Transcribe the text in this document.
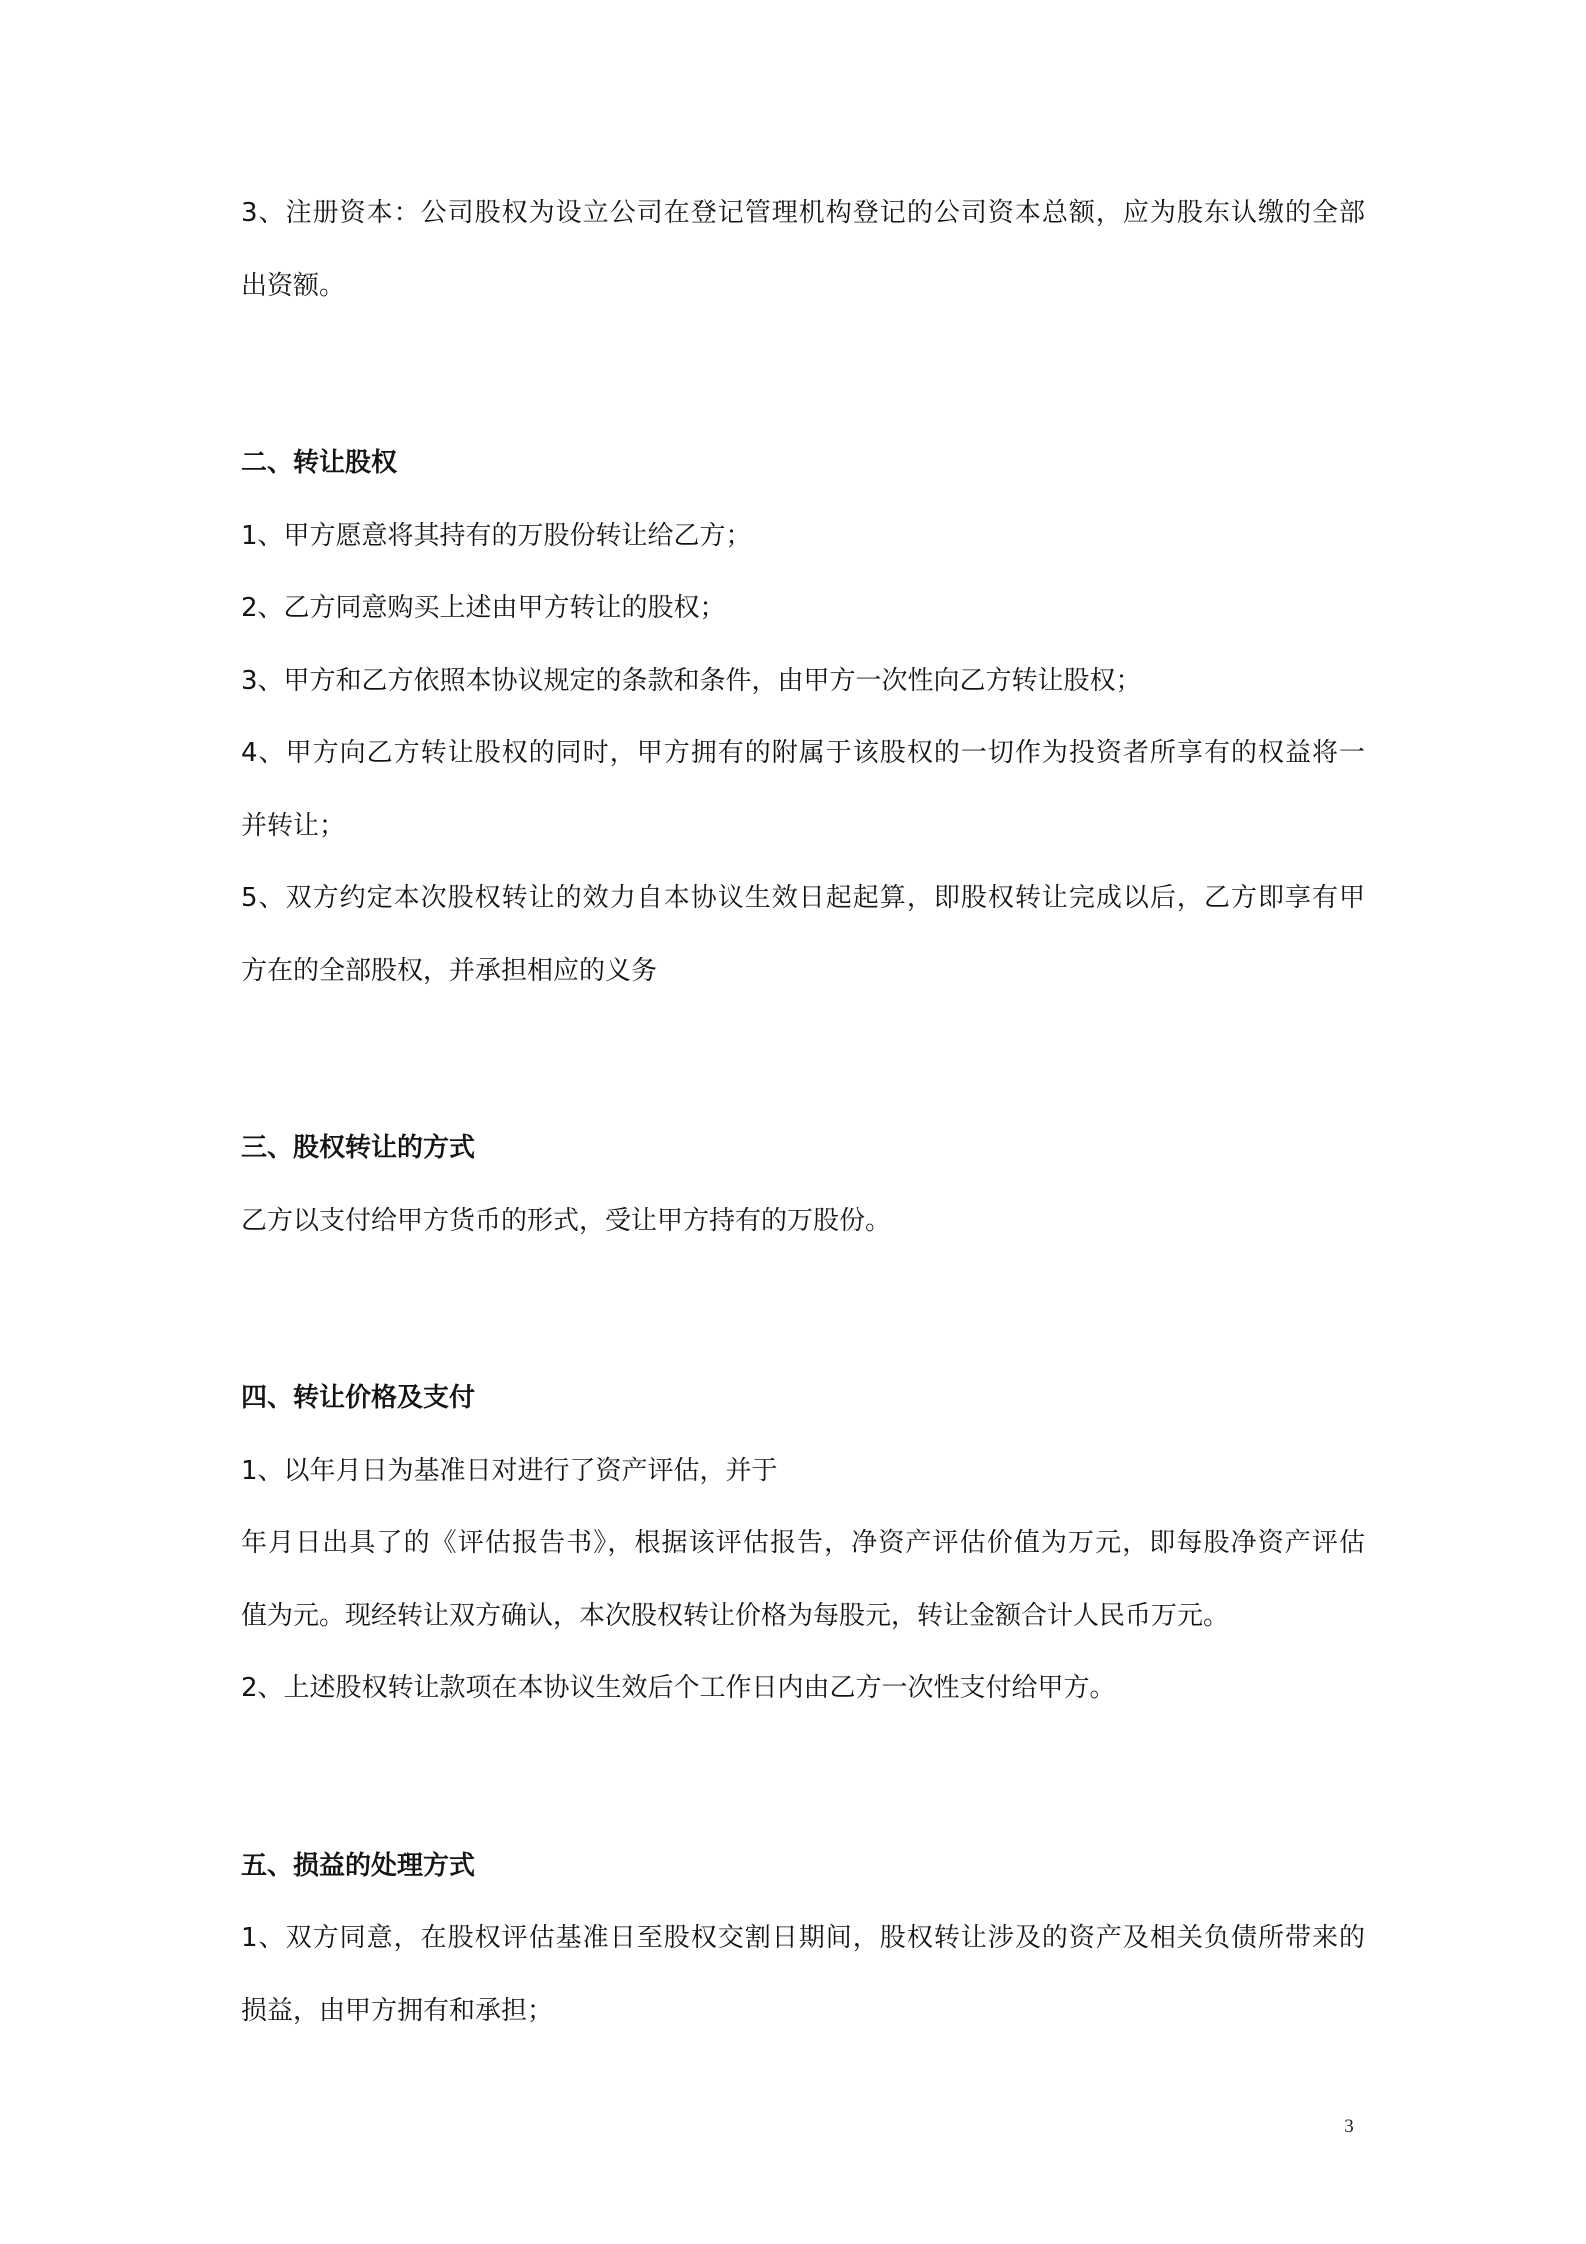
3、注册资本：公司股权为设立公司在登记管理机构登记的公司资本总额，应为股东认缴的全部
出资额。

二、转让股权

1、甲方愿意将其持有的万股份转让给乙方；

2、乙方同意购买上述由甲方转让的股权；

3、甲方和乙方依照本协议规定的条款和条件，由甲方一次性向乙方转让股权；

4、甲方向乙方转让股权的同时，甲方拥有的附属于该股权的一切作为投资者所享有的权益将一
并转让；

5、双方约定本次股权转让的效力自本协议生效日起起算，即股权转让完成以后，乙方即享有甲
方在的全部股权，并承担相应的义务

三、股权转让的方式

乙方以支付给甲方货币的形式，受让甲方持有的万股份。

四、转让价格及支付

1、以年月日为基准日对进行了资产评估，并于

年月日出具了的《评估报告书》，根据该评估报告，净资产评估价值为万元，即每股净资产评估
值为元。现经转让双方确认，本次股权转让价格为每股元，转让金额合计人民币万元。

2、上述股权转让款项在本协议生效后个工作日内由乙方一次性支付给甲方。

五、损益的处理方式

1、双方同意，在股权评估基准日至股权交割日期间，股权转让涉及的资产及相关负债所带来的
损益，由甲方拥有和承担；

3
